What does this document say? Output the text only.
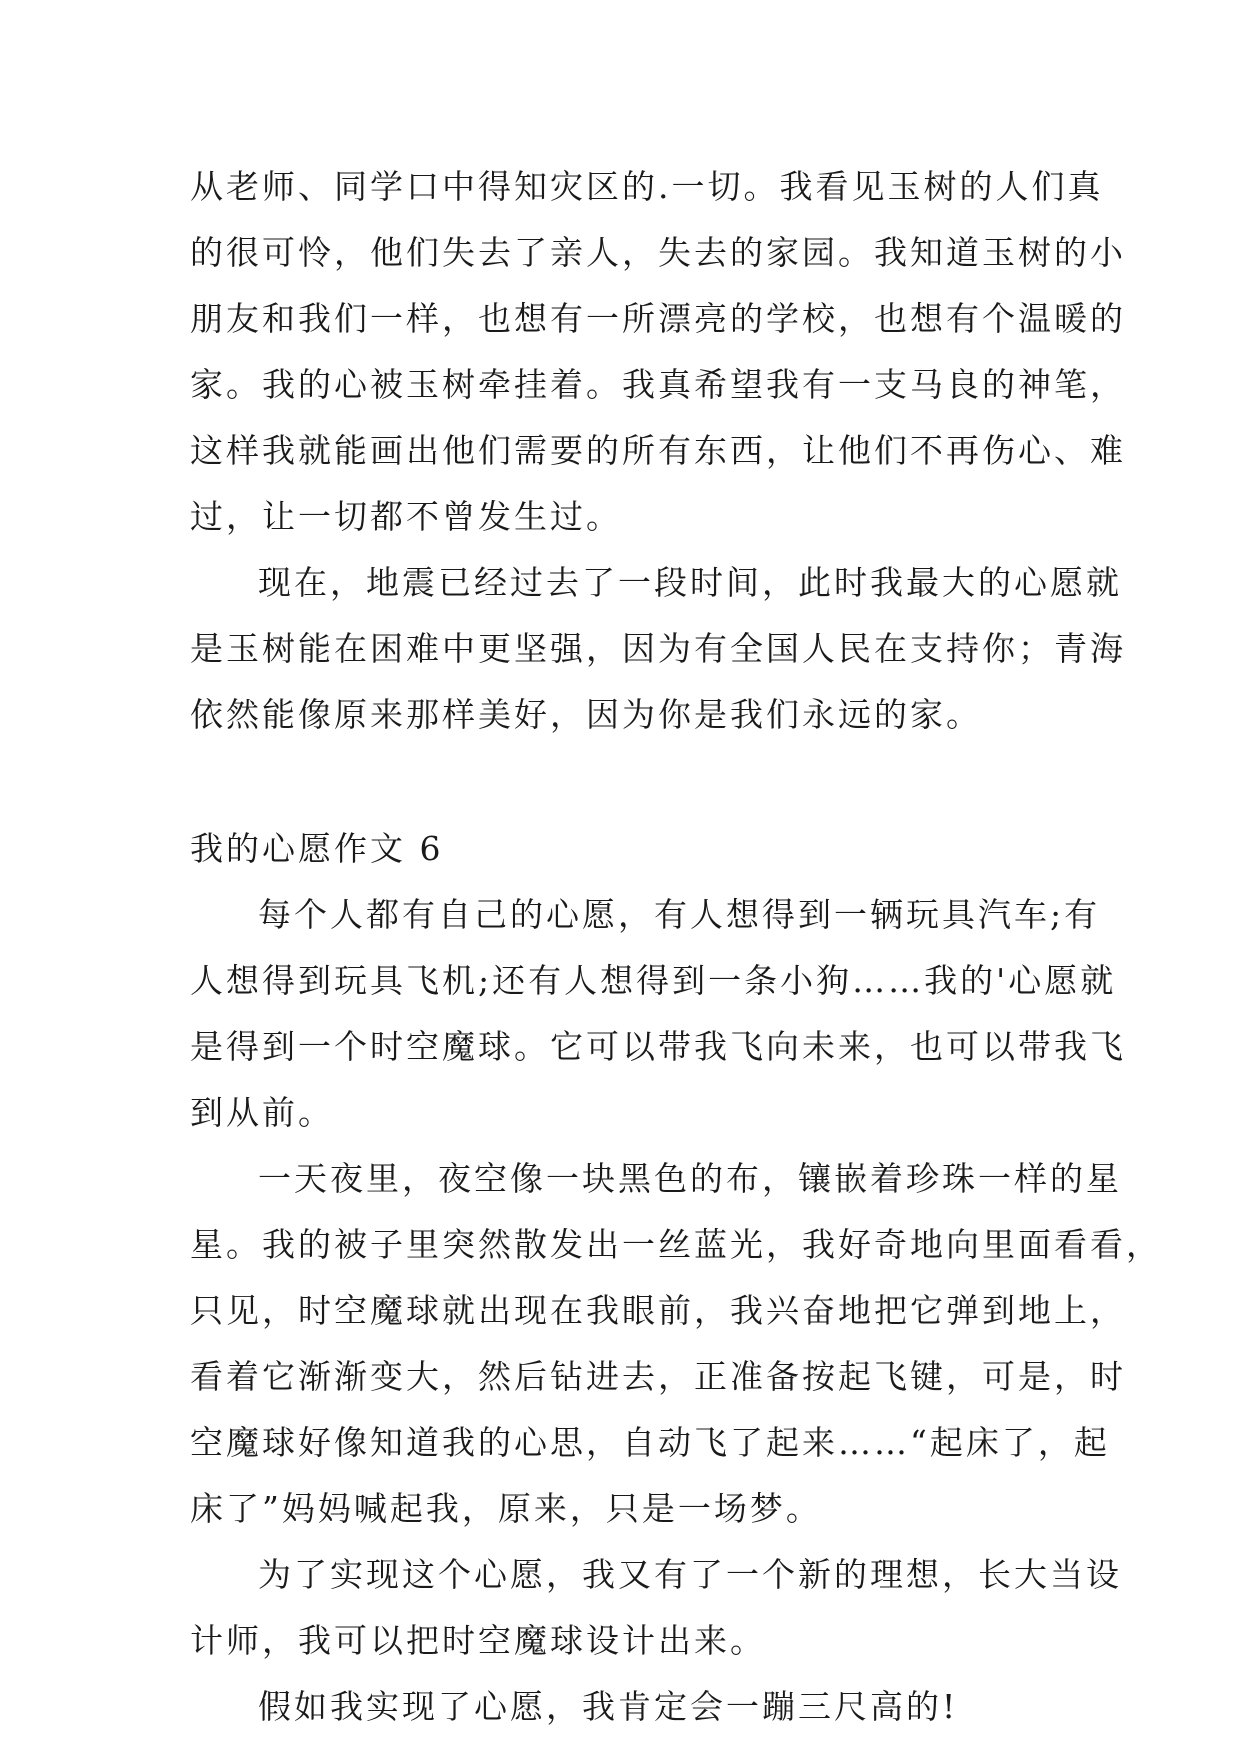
从老师、同学口中得知灾区的.一切。我看见玉树的人们真

的很可怜，他们失去了亲人，失去的家园。我知道玉树的小

朋友和我们一样，也想有一所漂亮的学校，也想有个温暖的

家。我的心被玉树牵挂着。我真希望我有一支马良的神笔，

这样我就能画出他们需要的所有东西，让他们不再伤心、难

过，让一切都不曾发生过。

现在，地震已经过去了一段时间，此时我最大的心愿就

是玉树能在困难中更坚强，因为有全国人民在支持你；青海

依然能像原来那样美好，因为你是我们永远的家。

我的心愿作文 6

每个人都有自己的心愿，有人想得到一辆玩具汽车;有

人想得到玩具飞机;还有人想得到一条小狗……我的'心愿就

是得到一个时空魔球。它可以带我飞向未来，也可以带我飞

到从前。

一天夜里，夜空像一块黑色的布，镶嵌着珍珠一样的星

星。我的被子里突然散发出一丝蓝光，我好奇地向里面看看，

只见，时空魔球就出现在我眼前，我兴奋地把它弹到地上，

看着它渐渐变大，然后钻进去，正准备按起飞键，可是，时

空魔球好像知道我的心思，自动飞了起来……“起床了，起

床了”妈妈喊起我，原来，只是一场梦。

为了实现这个心愿，我又有了一个新的理想，长大当设

计师，我可以把时空魔球设计出来。

假如我实现了心愿，我肯定会一蹦三尺高的!
